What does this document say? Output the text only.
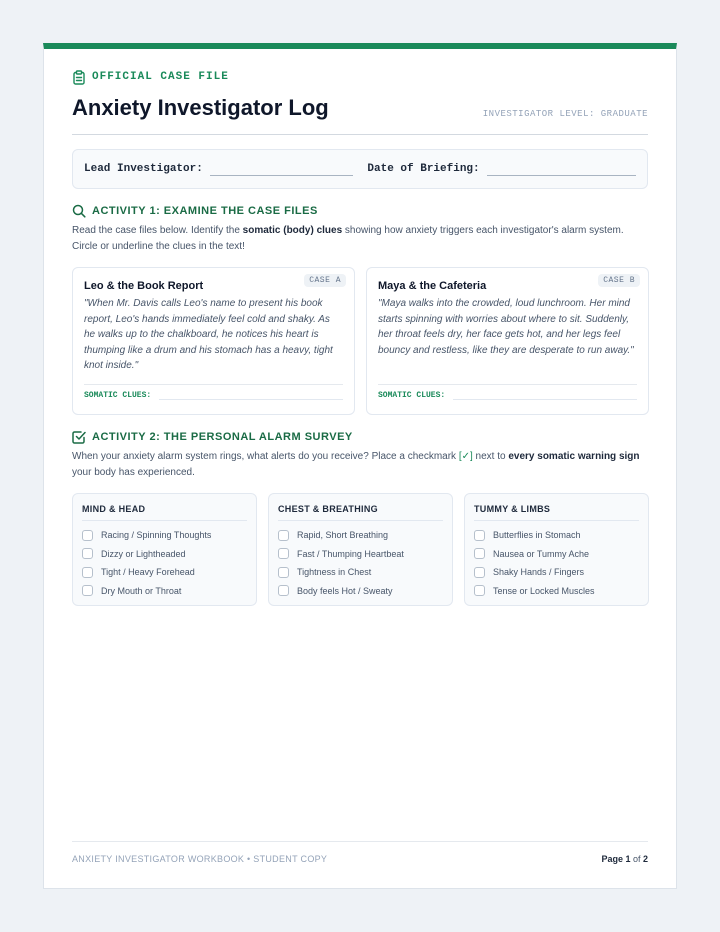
OFFICIAL CASE FILE
Anxiety Investigator Log	INVESTIGATOR LEVEL: GRADUATE
Lead Investigator:	Date of Briefing:
ACTIVITY 1: EXAMINE THE CASE FILES

Read the case files below. Identify the somatic (body) clues showing how anxiety triggers each investigator's alarm system. Circle or underline the clues in the text!

CASE A
Leo & the Book Report
"When Mr. Davis calls Leo's name to present his book report, Leo's hands immediately feel cold and shaky. As he walks up to the chalkboard, he notices his heart is thumping like a drum and his stomach has a heavy, tight knot inside."
SOMATIC CLUES:
CASE B
Maya & the Cafeteria
"Maya walks into the crowded, loud lunchroom. Her mind starts spinning with worries about where to sit. Suddenly, her throat feels dry, her face gets hot, and her legs feel bouncy and restless, like they are desperate to run away."
SOMATIC CLUES:
ACTIVITY 2: THE PERSONAL ALARM SURVEY

When your anxiety alarm system rings, what alerts do you receive? Place a checkmark [✓] next to every somatic warning sign your body has experienced.

MIND & HEAD
Racing / Spinning Thoughts
Dizzy or Lightheaded
Tight / Heavy Forehead
Dry Mouth or Throat
CHEST & BREATHING
Rapid, Short Breathing
Fast / Thumping Heartbeat
Tightness in Chest
Body feels Hot / Sweaty
TUMMY & LIMBS
Butterflies in Stomach
Nausea or Tummy Ache
Shaky Hands / Fingers
Tense or Locked Muscles
ANXIETY INVESTIGATOR WORKBOOK • STUDENT COPY	Page 1 of 2
